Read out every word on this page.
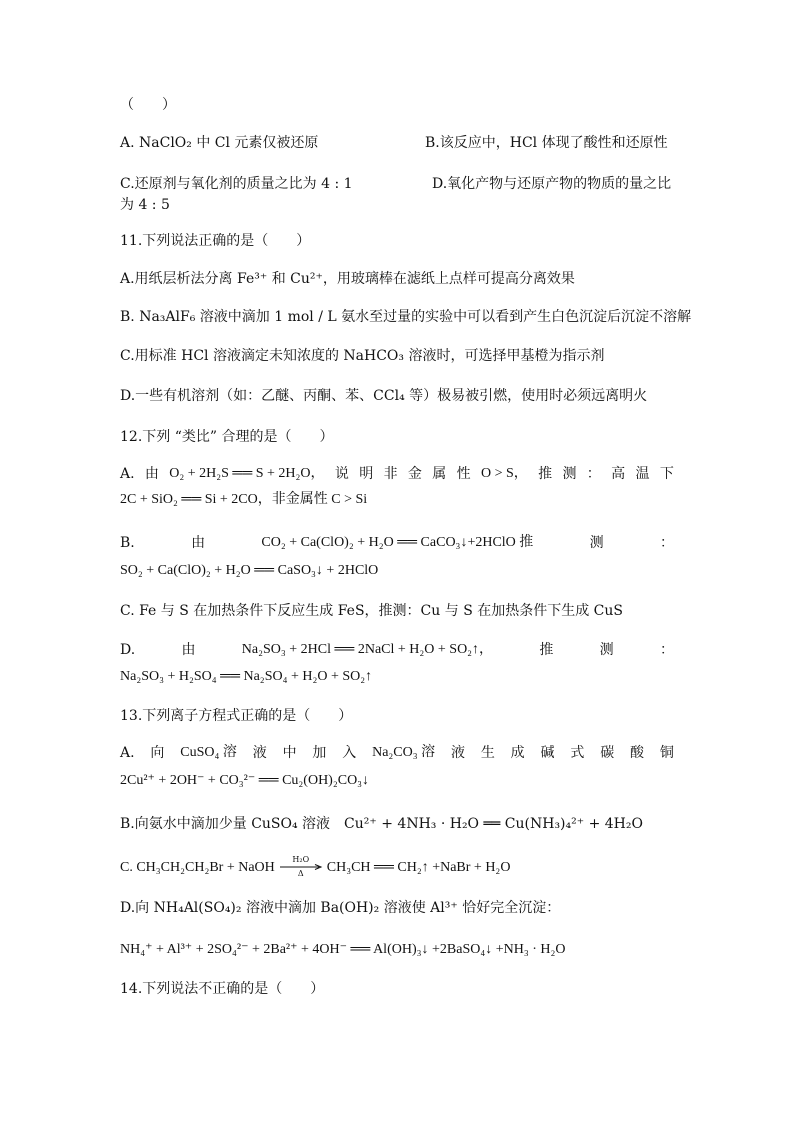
（　　）
A. NaClO₂ 中 Cl 元素仅被还原	B.该反应中，HCl 体现了酸性和还原性
C.还原剂与氧化剂的质量之比为 4 : 1	D.氧化产物与还原产物的物质的量之比
为 4 : 5
11.下列说法正确的是（　　）
A.用纸层析法分离 Fe³⁺ 和 Cu²⁺，用玻璃棒在滤纸上点样可提高分离效果
B. Na₃AlF₆ 溶液中滴加 1 mol / L 氨水至过量的实验中可以看到产生白色沉淀后沉淀不溶解
C.用标准 HCl 溶液滴定未知浓度的 NaHCO₃ 溶液时，可选择甲基橙为指示剂
D.一些有机溶剂（如：乙醚、丙酮、苯、CCl₄ 等）极易被引燃，使用时必须远离明火
12.下列 “类比” 合理的是（　　）
A. 由 O₂ + 2H₂S ══ S + 2H₂O， 说 明 非 金 属 性 O > S， 推 测 ： 高 温 下
2C + SiO₂ ══ Si + 2CO，非金属性 C > Si
B.	由	CO₂ + Ca(ClO)₂ + H₂O ══ CaCO₃↓+2HClO 推	测	：
SO₂ + Ca(ClO)₂ + H₂O ══ CaSO₃↓ + 2HClO
C. Fe 与 S 在加热条件下反应生成 FeS，推测：Cu 与 S 在加热条件下生成 CuS
D.	由	Na₂SO₃ + 2HCl ══ 2NaCl + H₂O + SO₂↑，	推	测	：
Na₂SO₃ + H₂SO₄ ══ Na₂SO₄ + H₂O + SO₂↑
13.下列离子方程式正确的是（　　）
A. 向 CuSO₄ 溶 液 中 加 入 Na₂CO₃ 溶 液 生 成 碱 式 碳 酸 铜
2Cu²⁺ + 2OH⁻ + CO₃²⁻ ══ Cu₂(OH)₂CO₃↓
B.向氨水中滴加少量 CuSO₄ 溶液　Cu²⁺ + 4NH₃ · H₂O ══ Cu(NH₃)₄²⁺ + 4H₂O
C. CH₃CH₂CH₂Br + NaOH
H₂O
Δ CH₃CH ══ CH₂↑ +NaBr + H₂O
D.向 NH₄Al(SO₄)₂ 溶液中滴加 Ba(OH)₂ 溶液使 Al³⁺ 恰好完全沉淀：
NH₄⁺ + Al³⁺ + 2SO₄²⁻ + 2Ba²⁺ + 4OH⁻ ══ Al(OH)₃↓ +2BaSO₄↓ +NH₃ · H₂O
14.下列说法不正确的是（　　）
